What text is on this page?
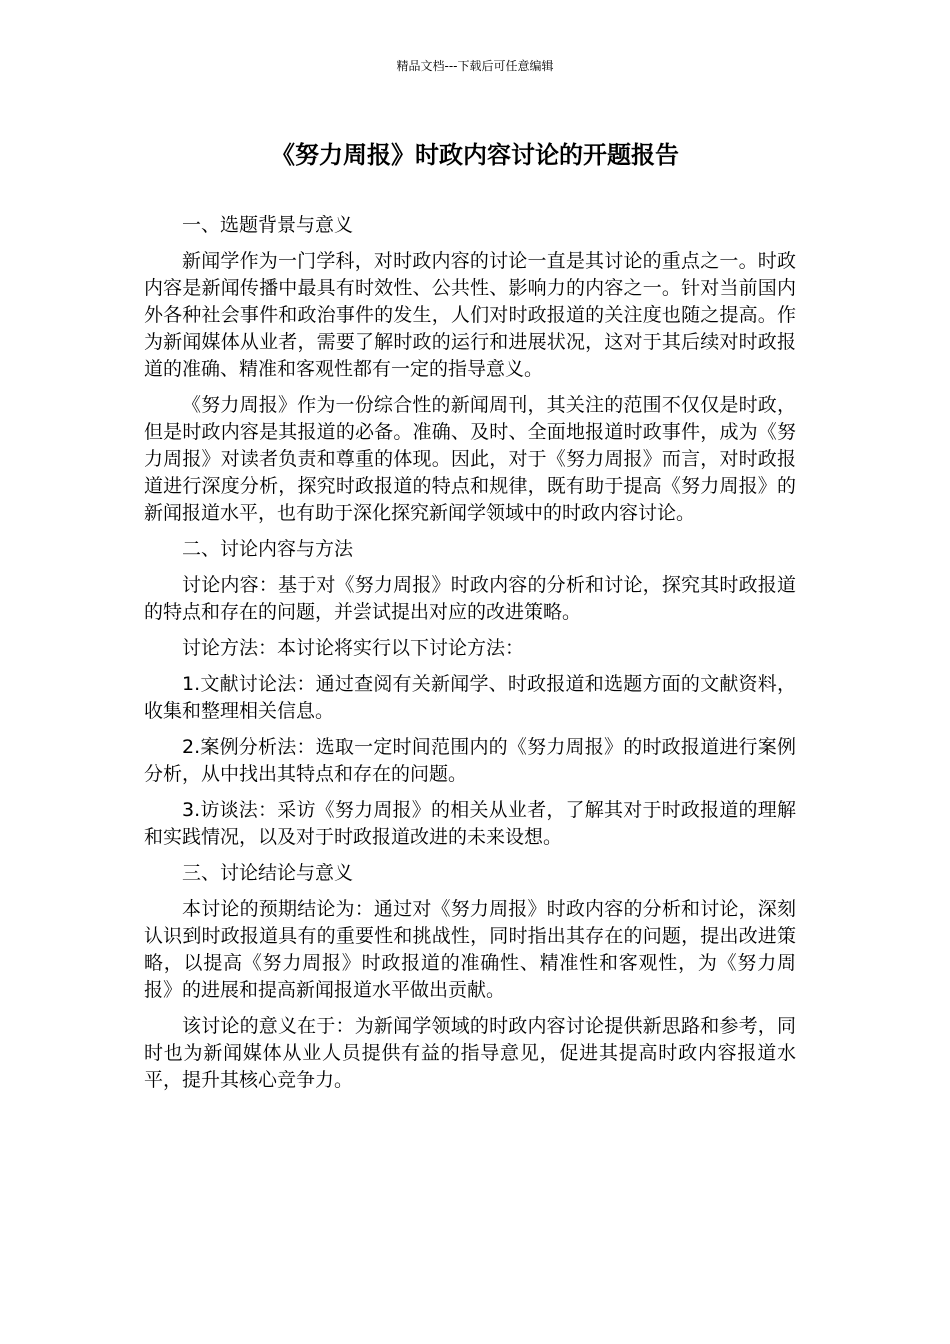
精品文档---下载后可任意编辑
《努力周报》时政内容讨论的开题报告

一、选题背景与意义

新闻学作为一门学科，对时政内容的讨论一直是其讨论的重点之一。时政内容是新闻传播中最具有时效性、公共性、影响力的内容之一。针对当前国内外各种社会事件和政治事件的发生，人们对时政报道的关注度也随之提高。作为新闻媒体从业者，需要了解时政的运行和进展状况，这对于其后续对时政报道的准确、精准和客观性都有一定的指导意义。

《努力周报》作为一份综合性的新闻周刊，其关注的范围不仅仅是时政，但是时政内容是其报道的必备。准确、及时、全面地报道时政事件，成为《努力周报》对读者负责和尊重的体现。因此，对于《努力周报》而言，对时政报道进行深度分析，探究时政报道的特点和规律，既有助于提高《努力周报》的新闻报道水平，也有助于深化探究新闻学领域中的时政内容讨论。

二、讨论内容与方法

讨论内容：基于对《努力周报》时政内容的分析和讨论，探究其时政报道的特点和存在的问题，并尝试提出对应的改进策略。

讨论方法：本讨论将实行以下讨论方法：

1.文献讨论法：通过查阅有关新闻学、时政报道和选题方面的文献资料，收集和整理相关信息。

2.案例分析法：选取一定时间范围内的《努力周报》的时政报道进行案例分析，从中找出其特点和存在的问题。

3.访谈法：采访《努力周报》的相关从业者，了解其对于时政报道的理解和实践情况，以及对于时政报道改进的未来设想。

三、讨论结论与意义

本讨论的预期结论为：通过对《努力周报》时政内容的分析和讨论，深刻认识到时政报道具有的重要性和挑战性，同时指出其存在的问题，提出改进策略，以提高《努力周报》时政报道的准确性、精准性和客观性，为《努力周报》的进展和提高新闻报道水平做出贡献。

该讨论的意义在于：为新闻学领域的时政内容讨论提供新思路和参考，同时也为新闻媒体从业人员提供有益的指导意见，促进其提高时政内容报道水平，提升其核心竞争力。
